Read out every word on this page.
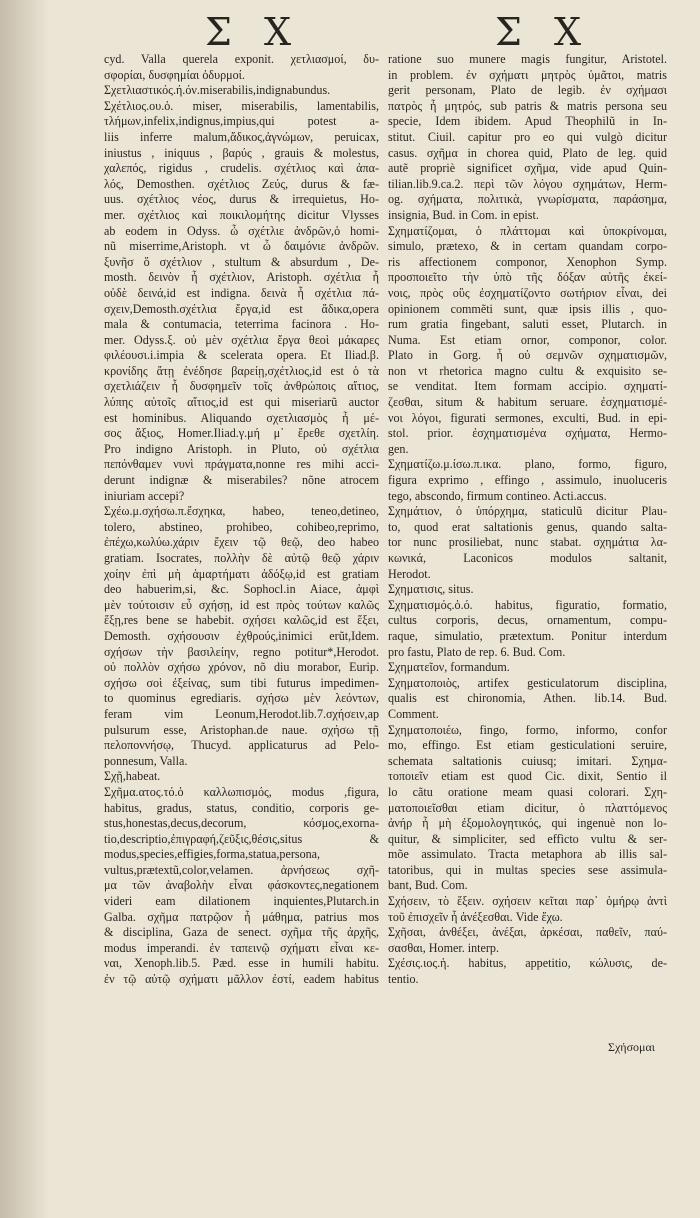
Σ X	Σ X
cyd. Valla querela exponit. χετλιασμοί, δυ-
σφορίαι, δυσφημίαι ὀδυρμοί.
Σχετλιαστικός.ή.όν.miserabilis,indignabundus.
Σχέτλιος.ου.ὁ. miser, miserabilis, lamentabilis,
τλήμων,infelix,indignus,impius,qui potest a-
liis inferre malum,ἄδικος,ἀγνώμων, peruicax,
iniustus , iniquus , βαρύς , grauis & molestus,
χαλεπός, rigidus , crudelis. σχέτλιος καὶ ἀπα-
λός, Demosthen. σχέτλιος Ζεύς, durus & fæ-
uus. σχέτλιος νέος, durus & irrequietus, Ho-
mer. σχέτλιος καὶ ποικιλομήτης dicitur Vlysses
ab eodem in Odyss. ὦ σχέτλιε ἀνδρῶν,ὁ homi-
nũ miserrime,Aristoph. vt ὦ δαιμόνιε ἀνδρῶν.
ξυνῆσ ὅ σχέτλιον , stultum & absurdum , De-
mosth. δεινὸν ἦ σχέτλιον, Aristoph. σχέτλια ἦ
οὐδὲ δεινά,id est indigna. δεινὰ ἦ σχέτλια πά-
σχειν,Demosth.σχέτλια ἔργα,id est ἄδικα,opera
mala & contumacia, teterrima facinora . Ho-
mer. Odyss.ξ. οὐ μὲν σχέτλια ἔργα θεοὶ μάκαρες
φιλέουσι.i.impia & scelerata opera. Et Iliad.β.
κρονίδης ἄτῃ ἐνέδησε βαρείῃ,σχέτλιος,id est ὁ τὰ
σχετλιάζειν ἦ δυσφημεῖν τοῖς ἀνθρώποις αἴτιος,
λύπης αὐτοῖς αἴτιος,id est qui miseriarũ auctor
est hominibus. Aliquando σχετλιασμὸς ἦ μέ-
σος ἄξιος, Homer.Iliad.γ.μή μ᾽ ἔρεθε σχετλίη.
Pro indigno Aristoph. in Pluto, οὐ σχέτλια
πεπόνθαμεν νυνὶ πράγματα,nonne res mihi acci-
derunt indignæ & miserabiles? nõne atrocem
iniuriam accepi?
Σχέω.μ.σχήσω.π.ἔσχηκα, habeo, teneo,detineo,
tolero, abstineo, prohibeo, cohibeo,reprimo,
ἐπέχω,κωλύω.χάριν ἔχειν τῷ θεῷ, deo habeo
gratiam. Isocrates, πολλὴν δὲ αὐτῷ θεῷ χάριν
χοίην ἐπὶ μὴ ἁμαρτήματι ἀδόξῳ,id est gratiam
deo habuerim,si, &c. Sophocl.in Aiace, ἀμφὶ
μὲν τούτοισιν εὖ σχήσῃ, id est πρὸς τούτων καλῶς
ἕξῃ,res bene se habebit. σχήσει καλῶς,id est ἕξει,
Demosth. σχήσουσιν ἐχθρούς,inimici erũt,Idem.
σχήσων τὴν βασιλείην, regno potitur*,Herodot.
οὐ πολλὸν σχήσω χρόνον, nõ diu morabor, Eurip.
σχήσω σοὶ ἐξείνας, sum tibi futurus impedimen-
to quominus egrediaris. σχήσω μὲν λεόντων,
feram vim Leonum,Herodot.lib.7.σχήσειν,ap
pulsurum esse, Aristophan.de naue. σχήσω τῇ
πελοποννήσῳ, Thucyd. applicaturus ad Pelo-
ponnesum, Valla.
Σχῇ,habeat.
Σχῆμα.ατος.τό.ὁ καλλωπισμός, modus ,figura,
habitus, gradus, status, conditio, corporis ge-
stus,honestas,decus,decorum, κόσμος,exorna-
tio,descriptio,ἐπιγραφή,ζεῦξις,θέσις,situs &
modus,species,effigies,forma,statua,persona,
vultus,prætextũ,color,velamen. ἀρνήσεως σχῆ-
μα τῶν ἀναβολὴν εἶναι φάσκοντες,negationem
videri eam dilationem inquientes,Plutarch.in
Galba. σχῆμα πατρῷον ἦ μάθημα, patrius mos
& disciplina, Gaza de senect. σχῆμα τῆς ἀρχῆς,
modus imperandi. ἐν ταπεινῷ σχήματι εἶναι κε-
ναι, Xenoph.lib.5. Pæd. esse in humili habitu.
ἐν τῷ αὐτῷ σχήματι μᾶλλον ἐστί, eadem habitus
ratione suo munere magis fungitur, Aristotel.
in problem. ἐν σχήματι μητρὸς ὑμᾶτοι, matris
gerit personam, Plato de legib. ἐν σχήμασι
πατρὸς ἦ μητρός, sub patris & matris persona seu
specie, Idem ibidem. Apud Theophilũ in In-
stitut. Ciuil. capitur pro eo qui vulgò dicitur
casus. σχῆμα in chorea quid, Plato de leg. quid
autẽ propriè significet σχῆμα, vide apud Quin-
tilian.lib.9.ca.2. περὶ τῶν λόγου σχημάτων, Herm-
og. σχήματα, πολιτικὰ, γνωρίσματα, παράσημα,
insignia, Bud. in Com. in epist.
Σχηματίζομαι, ὁ πλάττομαι καὶ ὑποκρίνομαι,
simulo, prætexo, & in certam quandam corpo-
ris affectionem componor, Xenophon Symp.
προσποιεῖτο τὴν ὑπὸ τῆς δόξαν αὐτῆς ἐκεί-
νοις, πρὸς οὓς ἐσχηματίζοντο σωτήριον εἶναι, dei
opinionem commẽti sunt, quæ ipsis illis , quo-
rum gratia fingebant, saluti esset, Plutarch. in
Numa. Est etiam ornor, componor, color.
Plato in Gorg. ἦ οὐ σεμνῶν σχηματισμῶν,
non vt rhetorica magno cultu & exquisito se-
se venditat. Item formam accipio. σχηματί-
ζεσθαι, situm & habitum seruare. ἐσχηματισμέ-
νοι λόγοι, figurati sermones, exculti, Bud. in epi-
stol. prior. ἐσχηματισμένα σχήματα, Hermo-
gen.
Σχηματίζω.μ.ίσω.π.ικα. plano, formo, figuro,
figura exprimo , effingo , assimulo, inuoluceris
tego, abscondo, firmum contineo. Acti.accus.
Σχημάτιον, ὁ ὑπόρχημα, staticulũ dicitur Plau-
to, quod erat saltationis genus, quando salta-
tor nunc prosiliebat, nunc stabat. σχημάτια λα-
κωνικά, Laconicos modulos saltanit,
Herodot.
Σχηματισις, situs.
Σχηματισμός.ὁ.ό. habitus, figuratio, formatio,
cultus corporis, decus, ornamentum, compu-
raque, simulatio, prætextum. Ponitur interdum
pro fastu, Plato de rep. 6. Bud. Com.
Σχηματεῖον, formandum.
Σχηματοποιὸς, artifex gesticulatorum disciplina,
qualis est chironomia, Athen. lib.14. Bud.
Comment.
Σχηματοποιέω, fingo, formo, informo, confor
mo, effingo. Est etiam gesticulationi seruire,
schemata saltationis cuiusq; imitari. Σχημα-
τοποιεῖν etiam est quod Cic. dixit, Sentio il
lo cãtu oratione meam quasi colorari. Σχη-
ματοποιεῖσθαι etiam dicitur, ὁ πλαττόμενος
ἀνήρ ἦ μὴ ἐξομολογητικός, qui ingenuè non lo-
quitur, & simpliciter, sed effìcto vultu & ser-
mõe assimulato. Tracta metaphora ab illis sal-
tatoribus, qui in multas species sese assimula-
bant, Bud. Com.
Σχήσειν, τὸ ἕξειν. σχήσειν κεῖται παρ᾽ ὁμήρῳ ἀντὶ
τοῦ ἐπισχεῖν ἦ ἀνέξεσθαι. Vide ἔχω.
Σχῆσαι, ἀνθέξει, ἀνέξαι, ἀρκέσαι, παθεῖν, παύ-
σασθαι, Homer. interp.
Σχέσις.ιος.ἡ. habitus, appetitio, κώλυσις, de-
tentio.
Σχήσομαι
